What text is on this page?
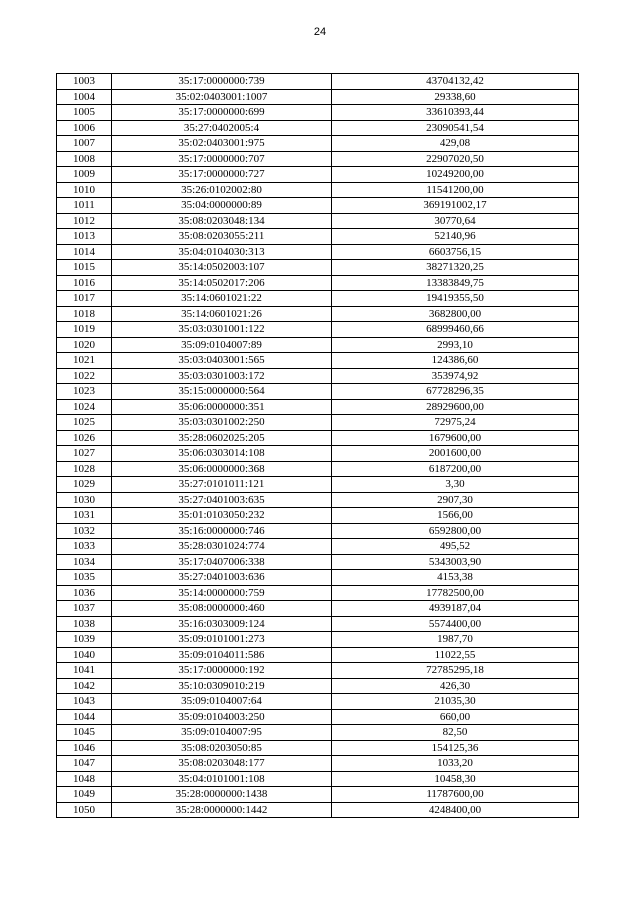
24
1003	35:17:0000000:739	43704132,42
1004	35:02:0403001:1007	29338,60
1005	35:17:0000000:699	33610393,44
1006	35:27:0402005:4	23090541,54
1007	35:02:0403001:975	429,08
1008	35:17:0000000:707	22907020,50
1009	35:17:0000000:727	10249200,00
1010	35:26:0102002:80	11541200,00
1011	35:04:0000000:89	369191002,17
1012	35:08:0203048:134	30770,64
1013	35:08:0203055:211	52140,96
1014	35:04:0104030:313	6603756,15
1015	35:14:0502003:107	38271320,25
1016	35:14:0502017:206	13383849,75
1017	35:14:0601021:22	19419355,50
1018	35:14:0601021:26	3682800,00
1019	35:03:0301001:122	68999460,66
1020	35:09:0104007:89	2993,10
1021	35:03:0403001:565	124386,60
1022	35:03:0301003:172	353974,92
1023	35:15:0000000:564	67728296,35
1024	35:06:0000000:351	28929600,00
1025	35:03:0301002:250	72975,24
1026	35:28:0602025:205	1679600,00
1027	35:06:0303014:108	2001600,00
1028	35:06:0000000:368	6187200,00
1029	35:27:0101011:121	3,30
1030	35:27:0401003:635	2907,30
1031	35:01:0103050:232	1566,00
1032	35:16:0000000:746	6592800,00
1033	35:28:0301024:774	495,52
1034	35:17:0407006:338	5343003,90
1035	35:27:0401003:636	4153,38
1036	35:14:0000000:759	17782500,00
1037	35:08:0000000:460	4939187,04
1038	35:16:0303009:124	5574400,00
1039	35:09:0101001:273	1987,70
1040	35:09:0104011:586	11022,55
1041	35:17:0000000:192	72785295,18
1042	35:10:0309010:219	426,30
1043	35:09:0104007:64	21035,30
1044	35:09:0104003:250	660,00
1045	35:09:0104007:95	82,50
1046	35:08:0203050:85	154125,36
1047	35:08:0203048:177	1033,20
1048	35:04:0101001:108	10458,30
1049	35:28:0000000:1438	11787600,00
1050	35:28:0000000:1442	4248400,00
